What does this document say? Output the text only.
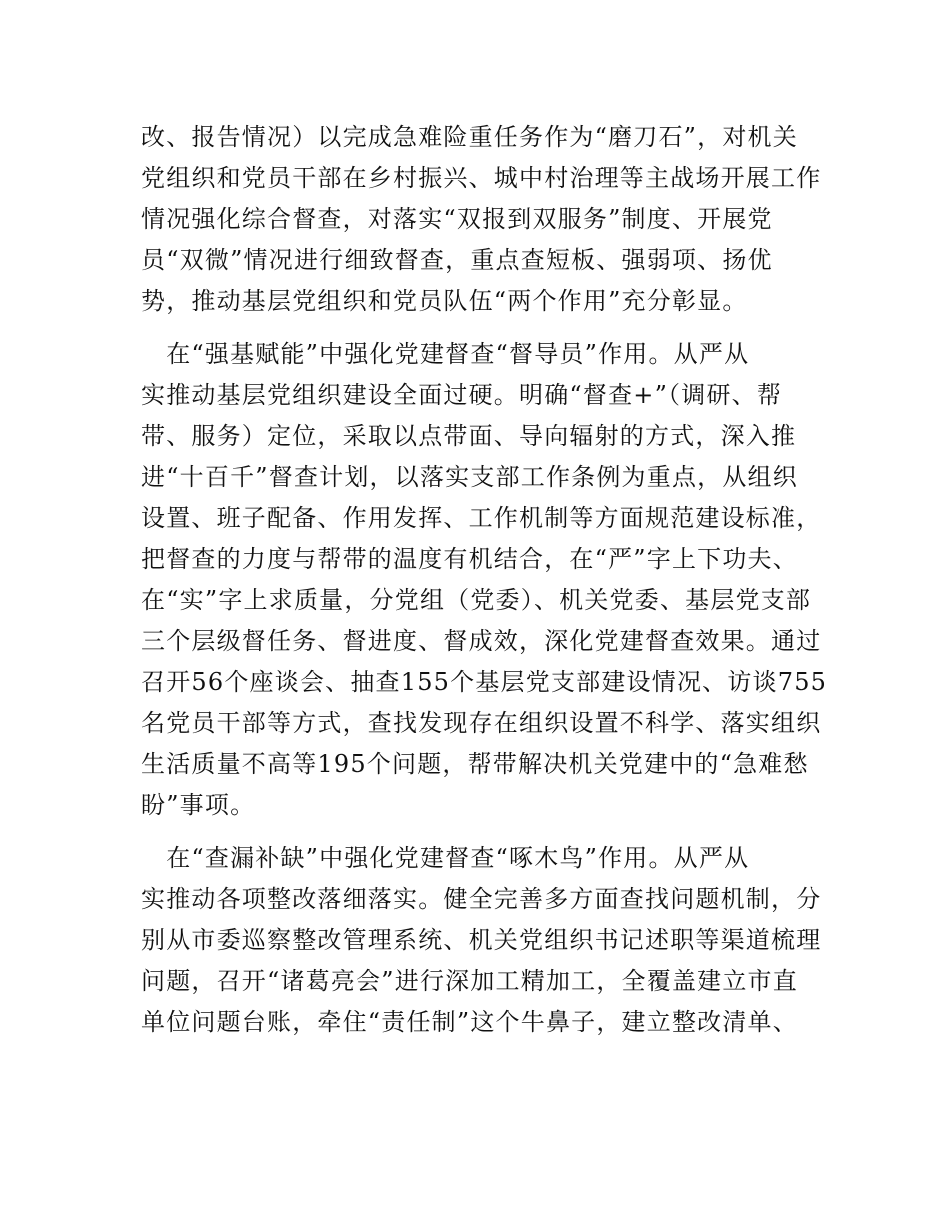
改、报告情况）以完成急难险重任务作为“磨刀石”，对机关
党组织和党员干部在乡村振兴、城中村治理等主战场开展工作
情况强化综合督查，对落实“双报到双服务”制度、开展党
员“双微”情况进行细致督查，重点查短板、强弱项、扬优
势，推动基层党组织和党员队伍“两个作用”充分彰显。
　在“强基赋能”中强化党建督查“督导员”作用。从严从
实推动基层党组织建设全面过硬。明确“督查+”（调研、帮
带、服务）定位，采取以点带面、导向辐射的方式，深入推
进“十百千”督查计划，以落实支部工作条例为重点，从组织
设置、班子配备、作用发挥、工作机制等方面规范建设标准，
把督查的力度与帮带的温度有机结合，在“严”字上下功夫、
在“实”字上求质量，分党组（党委）、机关党委、基层党支部
三个层级督任务、督进度、督成效，深化党建督查效果。通过
召开56个座谈会、抽查155个基层党支部建设情况、访谈755
名党员干部等方式，查找发现存在组织设置不科学、落实组织
生活质量不高等195个问题，帮带解决机关党建中的“急难愁
盼”事项。
　在“查漏补缺”中强化党建督查“啄木鸟”作用。从严从
实推动各项整改落细落实。健全完善多方面查找问题机制，分
别从市委巡察整改管理系统、机关党组织书记述职等渠道梳理
问题，召开“诸葛亮会”进行深加工精加工，全覆盖建立市直
单位问题台账，牵住“责任制”这个牛鼻子，建立整改清单、
